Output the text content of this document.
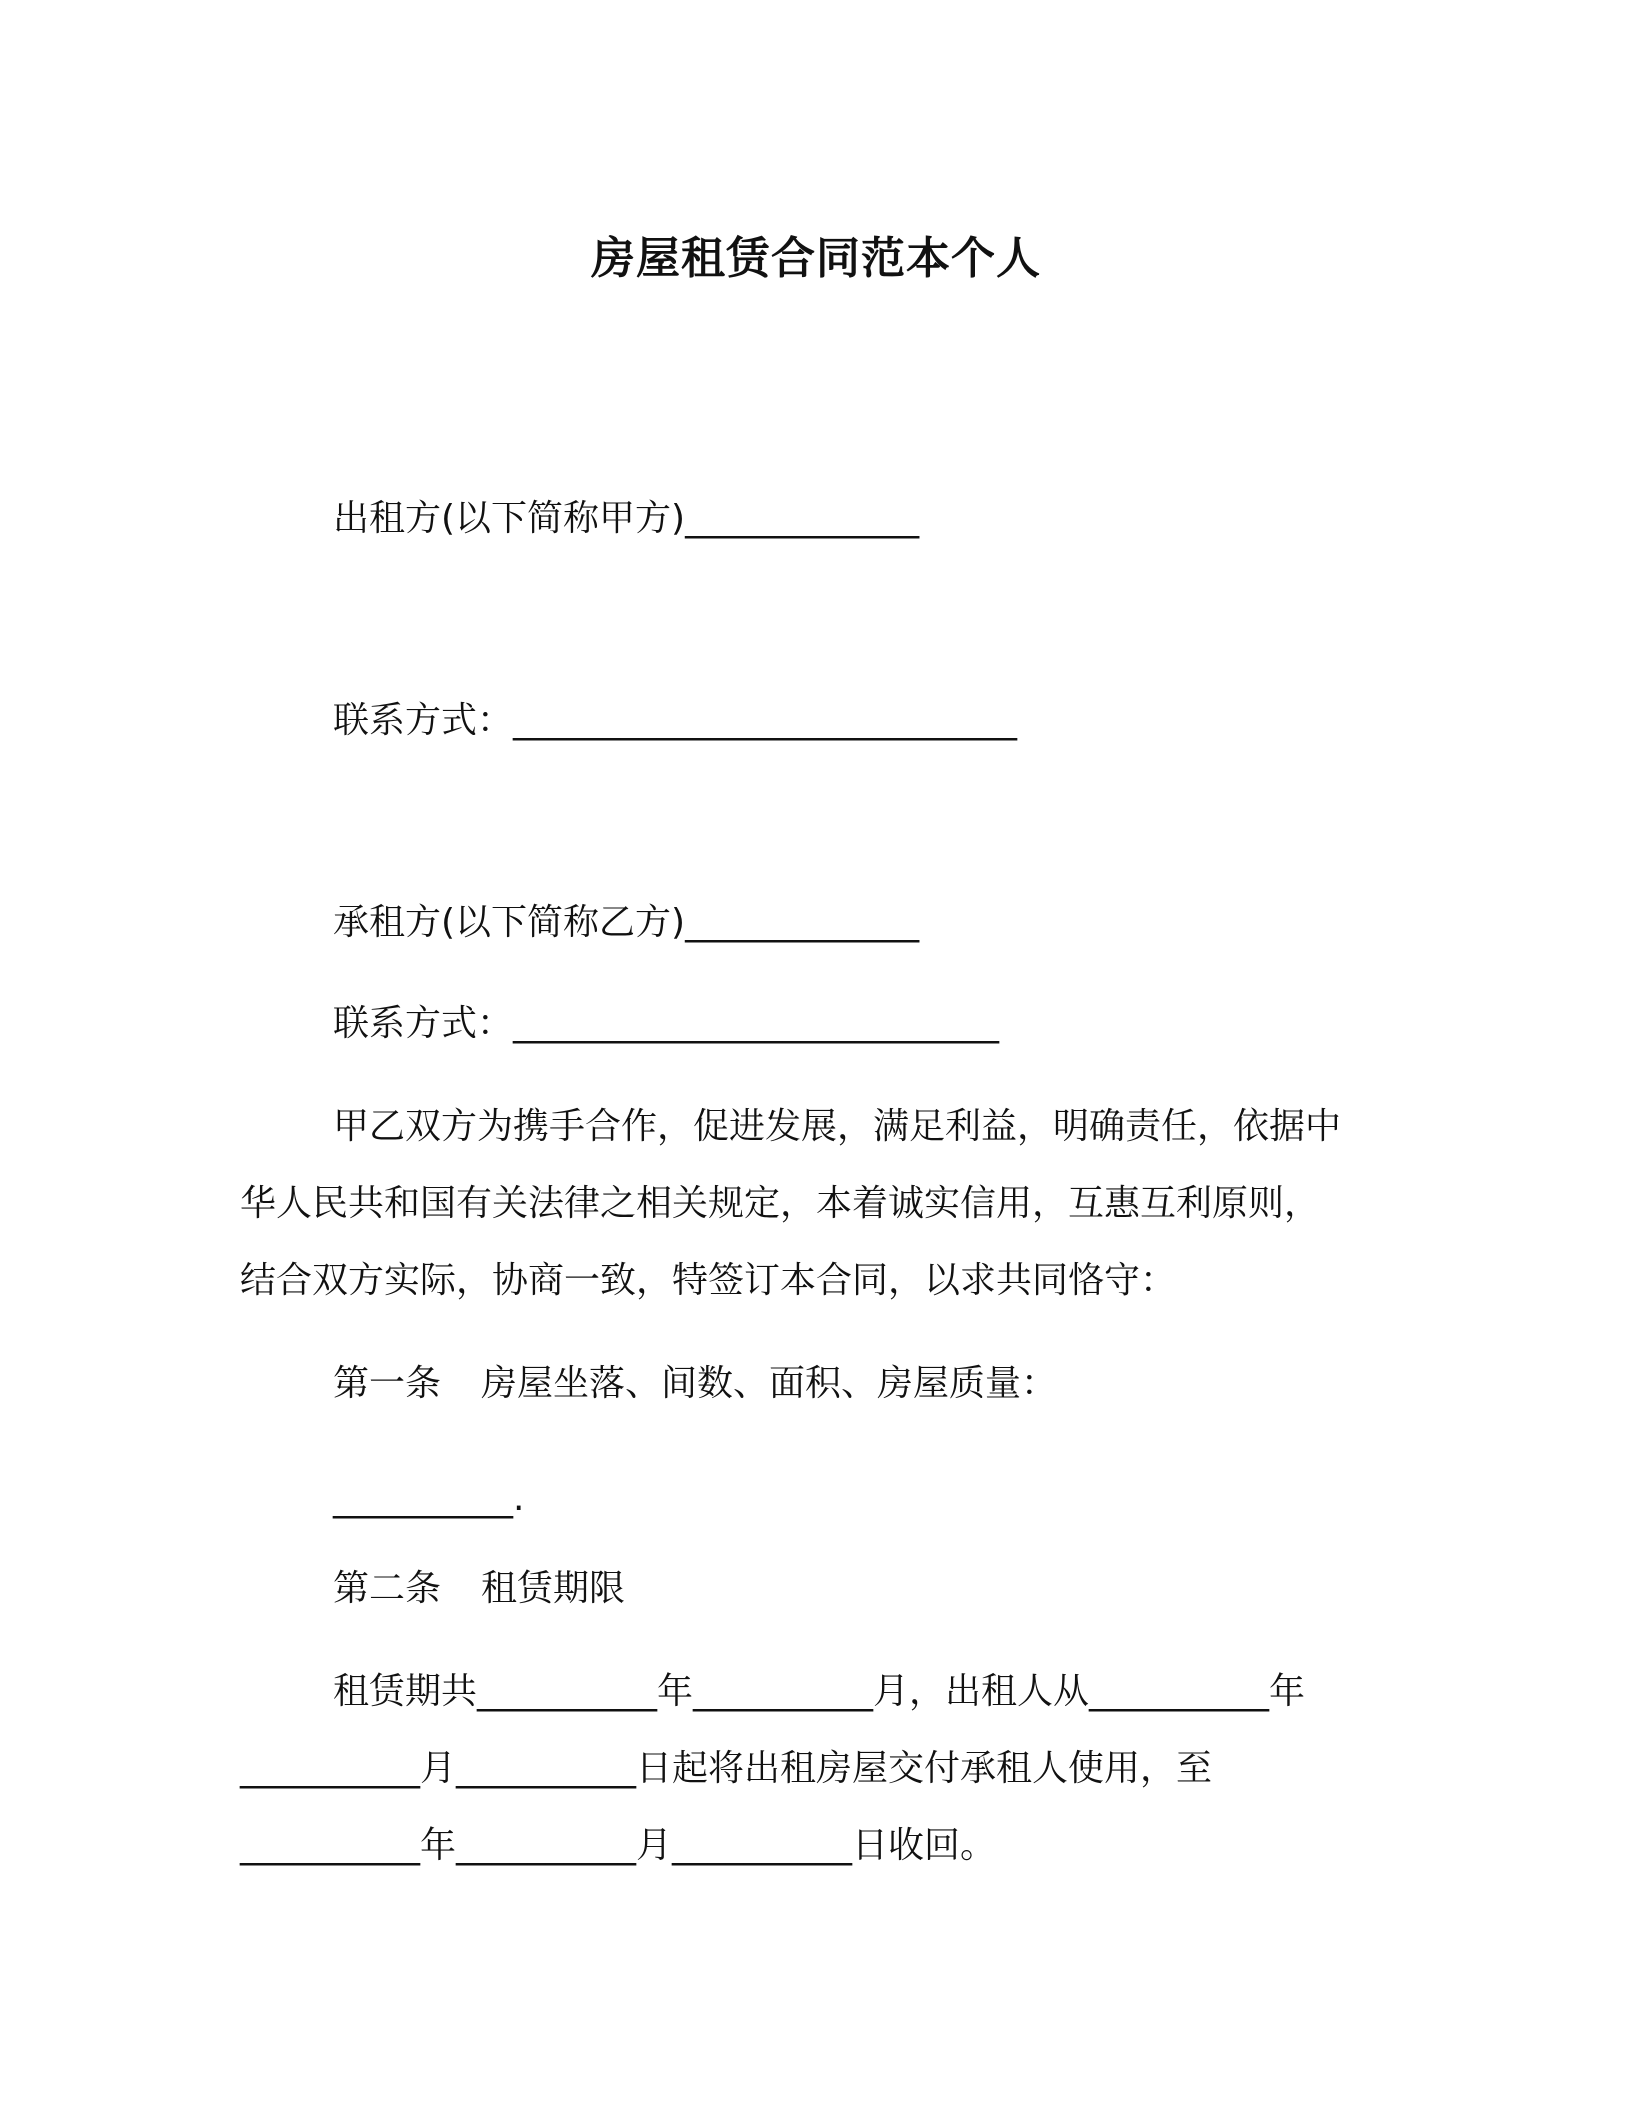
房屋租赁合同范本个人
出租方(以下简称甲方)_____________
联系方式：____________________________
承租方(以下简称乙方)_____________
联系方式：___________________________
甲乙双方为携手合作，促进发展，满足利益，明确责任，依据中
华人民共和国有关法律之相关规定，本着诚实信用，互惠互利原则，
结合双方实际，协商一致，特签订本合同，以求共同恪守：
第一条 房屋坐落、间数、面积、房屋质量：
__________.
第二条 租赁期限
租赁期共__________年__________月，出租人从__________年
__________月__________日起将出租房屋交付承租人使用，至
__________年__________月__________日收回。
